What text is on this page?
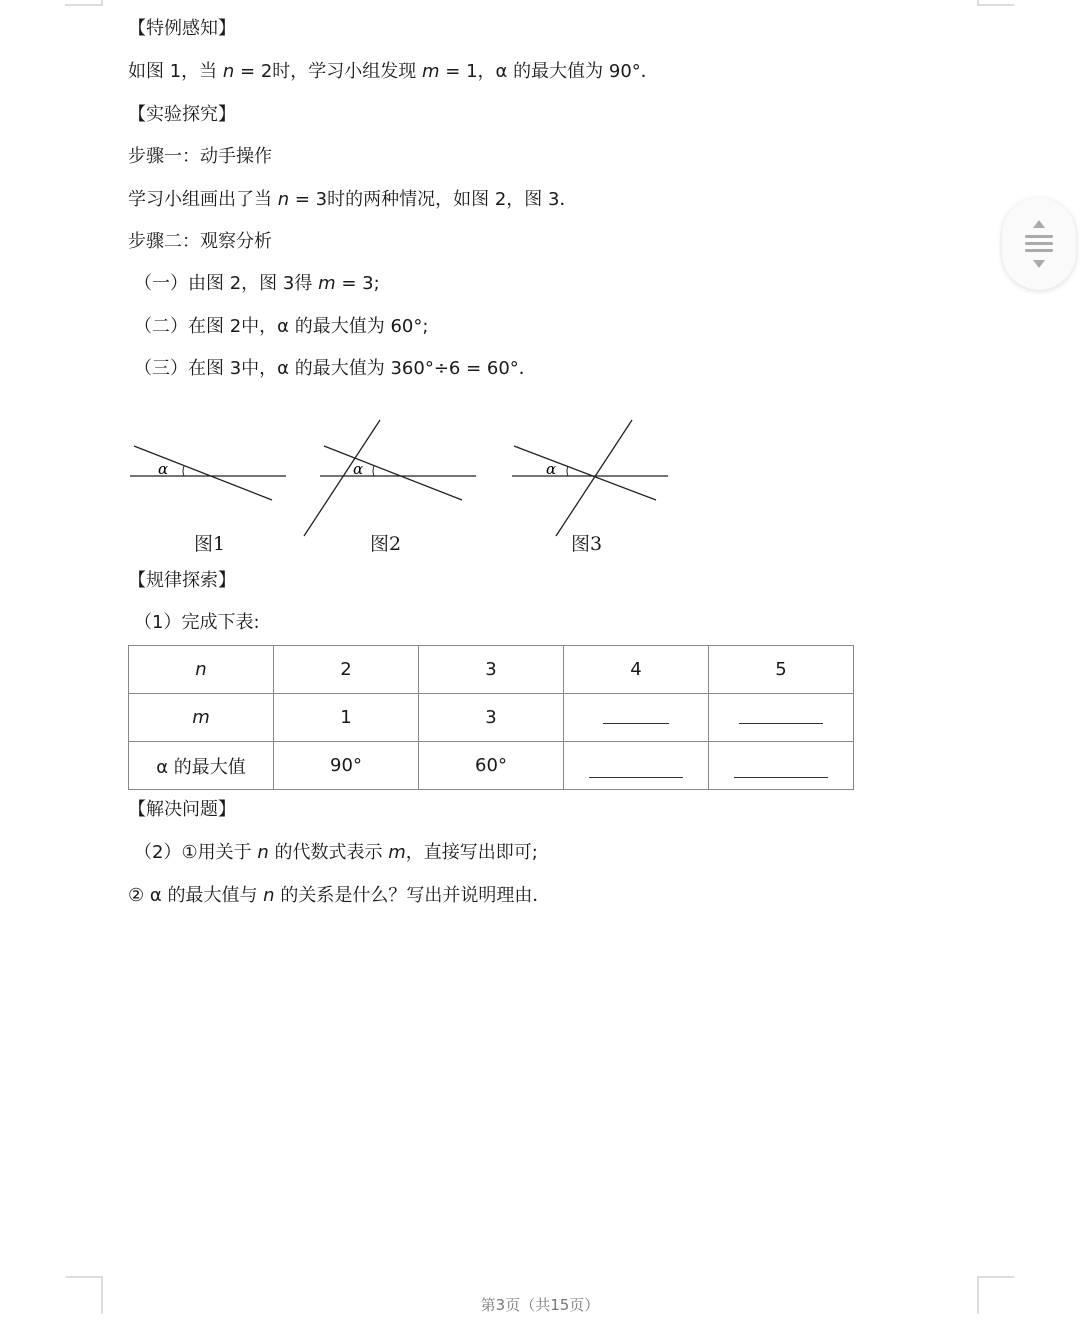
【特例感知】
如图 1，当 n = 2时，学习小组发现 m = 1，α 的最大值为 90°．
【实验探究】
步骤一：动手操作
学习小组画出了当 n = 3时的两种情况，如图 2，图 3．
步骤二：观察分析
（一）由图 2，图 3得 m = 3;
（二）在图 2中，α 的最大值为 60°;
（三）在图 3中，α 的最大值为 360°÷6 = 60°．
α	α	α
图1	图2	图3
【规律探索】
（1）完成下表:
n	2	3	4	5
m	1	3		
α 的最大值	90°	60°		
【解决问题】
（2）①用关于 n 的代数式表示 m，直接写出即可;
② α 的最大值与 n 的关系是什么？写出并说明理由．
第3页（共15页）
